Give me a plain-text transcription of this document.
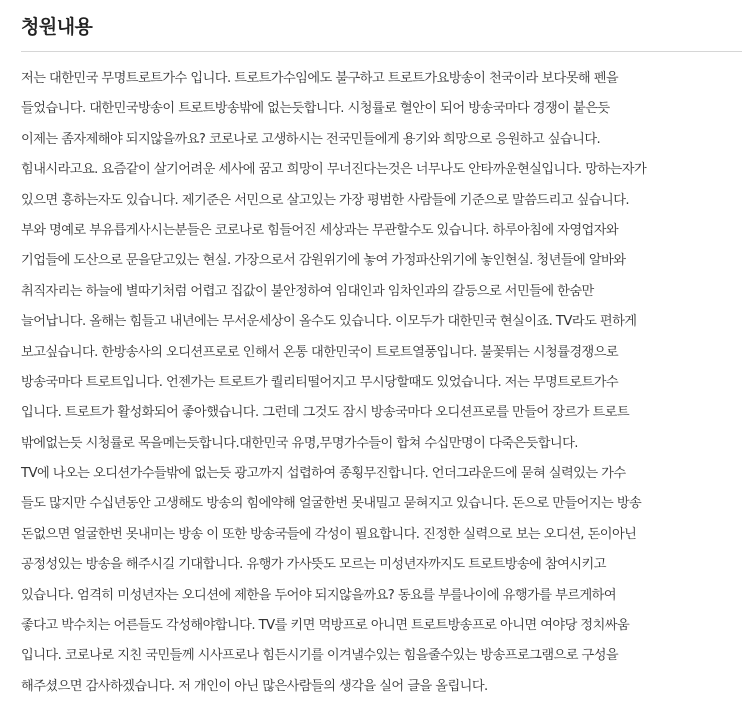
청원내용
저는 대한민국 무명트로트가수 입니다. 트로트가수임에도 불구하고 트로트가요방송이 천국이라 보다못해 펜을
들었습니다. 대한민국방송이 트로트방송밖에 없는듯합니다. 시청률로 혈안이 되어 방송국마다 경쟁이 붙은듯
이제는 좀자제해야 되지않을까요? 코로나로 고생하시는 전국민들에게 용기와 희망으로 응원하고 싶습니다.
힘내시라고요. 요즘같이 살기어려운 세사에 꿈고 희망이 무너진다는것은 너무나도 안타까운현실입니다. 망하는자가
있으면 흥하는자도 있습니다. 제기준은 서민으로 살고있는 가장 평범한 사람들에 기준으로 말씀드리고 싶습니다.
부와 명예로 부유릅게사시는분들은 코로나로 힘들어진 세상과는 무관할수도 있습니다. 하루아침에 자영업자와
기업들에 도산으로 문을닫고있는 현실. 가장으로서 감원위기에 놓여 가정파산위기에 놓인현실. 청년들에 알바와
취직자리는 하늘에 별따기처럼 어렵고 집값이 불안정하여 임대인과 임차인과의 갈등으로 서민들에 한숨만
늘어납니다. 올해는 힘들고 내년에는 무서운세상이 올수도 있습니다. 이모두가 대한민국 현실이죠. TV라도 편하게
보고싶습니다. 한방송사의 오디션프로로 인해서 온통 대한민국이 트로트열풍입니다. 불꽃튀는 시청률경쟁으로
방송국마다 트로트입니다. 언젠가는 트로트가 퀄리티떨어지고 무시당할때도 있었습니다. 저는 무명트로트가수
입니다. 트로트가 활성화되어 좋아했습니다. 그런데 그것도 잠시 방송국마다 오디션프로를 만들어 장르가 트로트
밖에없는듯 시청률로 목을메는듯합니다.대한민국 유명,무명가수들이 합쳐 수십만명이 다죽은듯합니다.
TV에 나오는 오디션가수들밖에 없는듯 광고까지 섭렵하여 종횡무진합니다. 언더그라운드에 묻혀 실력있는 가수
들도 많지만 수십년동안 고생해도 방송의 힘에약해 얼굴한번 못내밀고 묻혀지고 있습니다. 돈으로 만들어지는 방송
돈없으면 얼굴한번 못내미는 방송 이 또한 방송국들에 각성이 필요합니다. 진정한 실력으로 보는 오디션, 돈이아닌
공정성있는 방송을 해주시길 기대합니다. 유행가 가사뜻도 모르는 미성년자까지도 트로트방송에 참여시키고
있습니다. 엄격히 미성년자는 오디션에 제한을 두어야 되지않을까요? 동요를 부를나이에 유행가를 부르게하여
좋다고 박수치는 어른들도 각성해야합니다. TV를 키면 먹방프로 아니면 트로트방송프로 아니면 여야당 정치싸움
입니다. 코로나로 지친 국민들께 시사프로나 힘든시기를 이겨낼수있는 힘을줄수있는 방송프로그램으로 구성을
해주셨으면 감사하겠습니다. 저 개인이 아닌 많은사람들의 생각을 실어 글을 올립니다.
